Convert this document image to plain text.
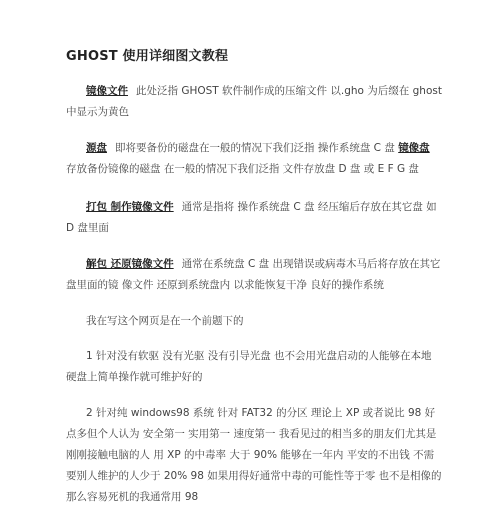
GHOST 使用详细图文教程
镜像文件 此处泛指 GHOST 软件制作成的压缩文件 以.gho 为后缀在 ghost 中显示为黄色
源盘 即将要备份的磁盘在一般的情况下我们泛指 操作系统盘 C 盘 镜像盘 存放备份镜像的磁盘 在一般的情况下我们泛指 文件存放盘 D 盘 或 E F G 盘
打包 制作镜像文件 通常是指将 操作系统盘 C 盘 经压缩后存放在其它盘 如 D 盘里面
解包 还原镜像文件 通常在系统盘 C 盘 出现错误或病毒木马后将存放在其它盘里面的镜 像文件 还原到系统盘内 以求能恢复干净 良好的操作系统
我在写这个网页是在一个前题下的
1 针对没有软驱 没有光驱 没有引导光盘 也不会用光盘启动的人能够在本地硬盘上简单操作就可维护好的
2 针对纯 windows98 系统 针对 FAT32 的分区 理论上 XP 或者说比 98 好点多但个人认为 安全第一 实用第一 速度第一 我看见过的相当多的朋友们尤其是刚刚接触电脑的人 用 XP 的中毒率 大于 90% 能够在一年内 平安的不出钱 不需要别人维护的人少于 20% 98 如果用得好通常中毒的可能性等于零 也不是相像的那么容易死机的我通常用 98
